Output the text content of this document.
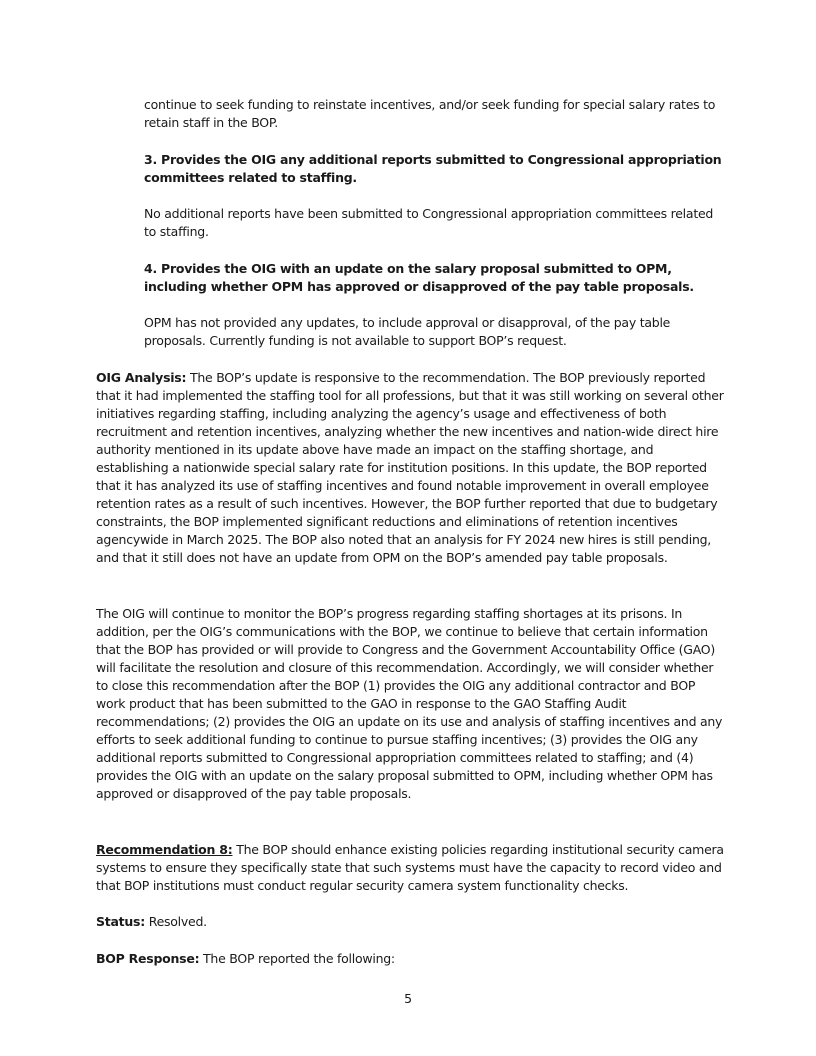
continue to seek funding to reinstate incentives, and/or seek funding for special salary rates to retain staff in the BOP.

3. Provides the OIG any additional reports submitted to Congressional appropriation committees related to staffing.

No additional reports have been submitted to Congressional appropriation committees related to staffing.

4. Provides the OIG with an update on the salary proposal submitted to OPM, including whether OPM has approved or disapproved of the pay table proposals.

OPM has not provided any updates, to include approval or disapproval, of the pay table proposals. Currently funding is not available to support BOP’s request.

OIG Analysis: The BOP’s update is responsive to the recommendation. The BOP previously reported that it had implemented the staffing tool for all professions, but that it was still working on several other initiatives regarding staffing, including analyzing the agency’s usage and effectiveness of both recruitment and retention incentives, analyzing whether the new incentives and nation-wide direct hire authority mentioned in its update above have made an impact on the staffing shortage, and establishing a nationwide special salary rate for institution positions. In this update, the BOP reported that it has analyzed its use of staffing incentives and found notable improvement in overall employee retention rates as a result of such incentives. However, the BOP further reported that due to budgetary constraints, the BOP implemented significant reductions and eliminations of retention incentives agencywide in March 2025. The BOP also noted that an analysis for FY 2024 new hires is still pending, and that it still does not have an update from OPM on the BOP’s amended pay table proposals.

The OIG will continue to monitor the BOP’s progress regarding staffing shortages at its prisons. In addition, per the OIG’s communications with the BOP, we continue to believe that certain information that the BOP has provided or will provide to Congress and the Government Accountability Office (GAO) will facilitate the resolution and closure of this recommendation. Accordingly, we will consider whether to close this recommendation after the BOP (1) provides the OIG any additional contractor and BOP work product that has been submitted to the GAO in response to the GAO Staffing Audit recommendations; (2) provides the OIG an update on its use and analysis of staffing incentives and any efforts to seek additional funding to continue to pursue staffing incentives; (3) provides the OIG any additional reports submitted to Congressional appropriation committees related to staffing; and (4) provides the OIG with an update on the salary proposal submitted to OPM, including whether OPM has approved or disapproved of the pay table proposals.

Recommendation 8: The BOP should enhance existing policies regarding institutional security camera systems to ensure they specifically state that such systems must have the capacity to record video and that BOP institutions must conduct regular security camera system functionality checks.

Status: Resolved.

BOP Response: The BOP reported the following:

5
